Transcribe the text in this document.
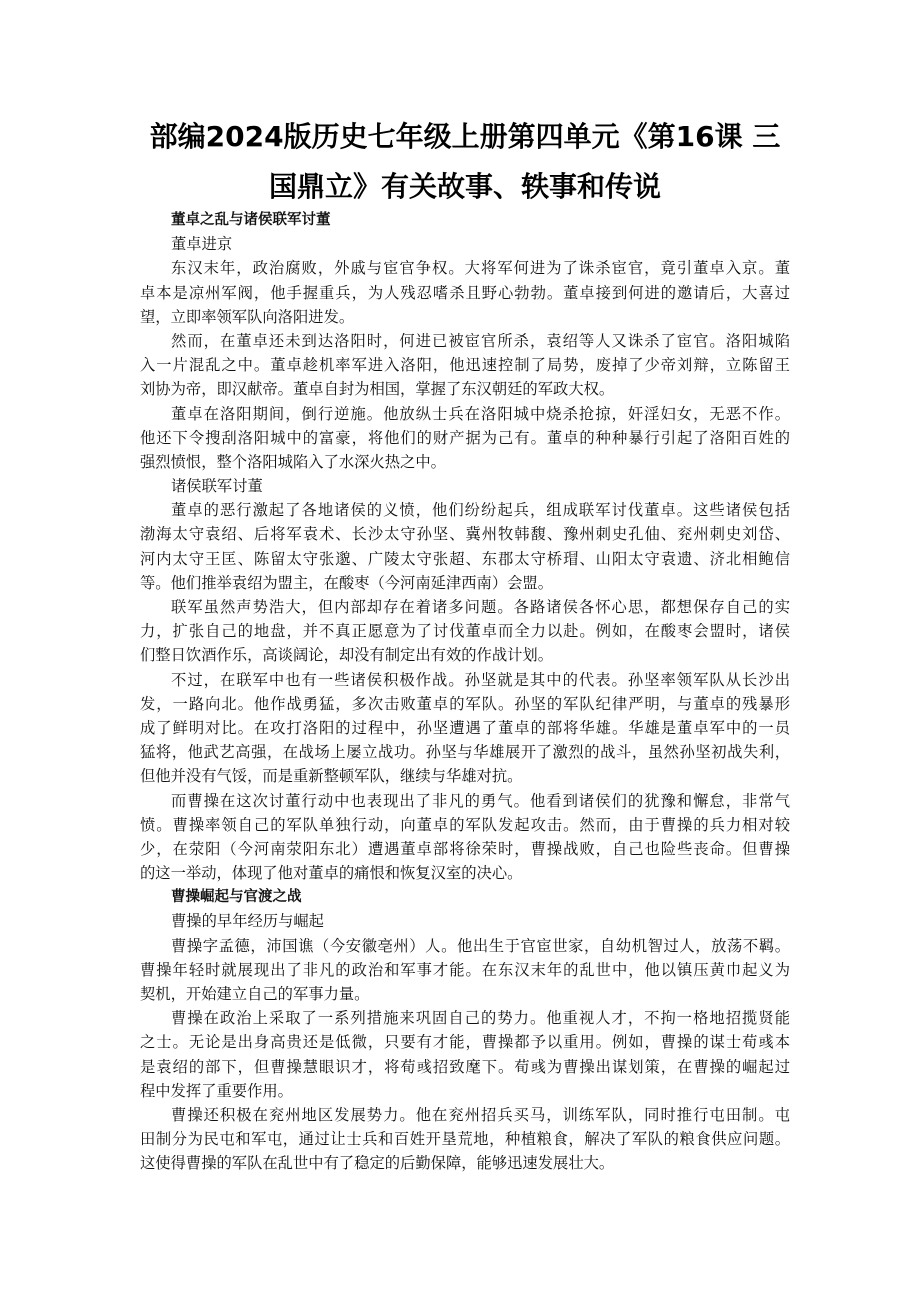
部编2024版历史七年级上册第四单元《第16课 三
国鼎立》有关故事、轶事和传说
董卓之乱与诸侯联军讨董
董卓进京
东汉末年，政治腐败，外戚与宦官争权。大将军何进为了诛杀宦官，竟引董卓入京。董
卓本是凉州军阀，他手握重兵，为人残忍嗜杀且野心勃勃。董卓接到何进的邀请后，大喜过
望，立即率领军队向洛阳进发。
然而，在董卓还未到达洛阳时，何进已被宦官所杀，袁绍等人又诛杀了宦官。洛阳城陷
入一片混乱之中。董卓趁机率军进入洛阳，他迅速控制了局势，废掉了少帝刘辩，立陈留王
刘协为帝，即汉献帝。董卓自封为相国，掌握了东汉朝廷的军政大权。
董卓在洛阳期间，倒行逆施。他放纵士兵在洛阳城中烧杀抢掠，奸淫妇女，无恶不作。
他还下令搜刮洛阳城中的富豪，将他们的财产据为己有。董卓的种种暴行引起了洛阳百姓的
强烈愤恨，整个洛阳城陷入了水深火热之中。
诸侯联军讨董
董卓的恶行激起了各地诸侯的义愤，他们纷纷起兵，组成联军讨伐董卓。这些诸侯包括
渤海太守袁绍、后将军袁术、长沙太守孙坚、冀州牧韩馥、豫州刺史孔伷、兖州刺史刘岱、
河内太守王匡、陈留太守张邈、广陵太守张超、东郡太守桥瑁、山阳太守袁遗、济北相鲍信
等。他们推举袁绍为盟主，在酸枣（今河南延津西南）会盟。
联军虽然声势浩大，但内部却存在着诸多问题。各路诸侯各怀心思，都想保存自己的实
力，扩张自己的地盘，并不真正愿意为了讨伐董卓而全力以赴。例如，在酸枣会盟时，诸侯
们整日饮酒作乐，高谈阔论，却没有制定出有效的作战计划。
不过，在联军中也有一些诸侯积极作战。孙坚就是其中的代表。孙坚率领军队从长沙出
发，一路向北。他作战勇猛，多次击败董卓的军队。孙坚的军队纪律严明，与董卓的残暴形
成了鲜明对比。在攻打洛阳的过程中，孙坚遭遇了董卓的部将华雄。华雄是董卓军中的一员
猛将，他武艺高强，在战场上屡立战功。孙坚与华雄展开了激烈的战斗，虽然孙坚初战失利，
但他并没有气馁，而是重新整顿军队，继续与华雄对抗。
而曹操在这次讨董行动中也表现出了非凡的勇气。他看到诸侯们的犹豫和懈怠，非常气
愤。曹操率领自己的军队单独行动，向董卓的军队发起攻击。然而，由于曹操的兵力相对较
少，在荥阳（今河南荥阳东北）遭遇董卓部将徐荣时，曹操战败，自己也险些丧命。但曹操
的这一举动，体现了他对董卓的痛恨和恢复汉室的决心。
曹操崛起与官渡之战
曹操的早年经历与崛起
曹操字孟德，沛国谯（今安徽亳州）人。他出生于官宦世家，自幼机智过人，放荡不羁。
曹操年轻时就展现出了非凡的政治和军事才能。在东汉末年的乱世中，他以镇压黄巾起义为
契机，开始建立自己的军事力量。
曹操在政治上采取了一系列措施来巩固自己的势力。他重视人才，不拘一格地招揽贤能
之士。无论是出身高贵还是低微，只要有才能，曹操都予以重用。例如，曹操的谋士荀彧本
是袁绍的部下，但曹操慧眼识才，将荀彧招致麾下。荀彧为曹操出谋划策，在曹操的崛起过
程中发挥了重要作用。
曹操还积极在兖州地区发展势力。他在兖州招兵买马，训练军队，同时推行屯田制。屯
田制分为民屯和军屯，通过让士兵和百姓开垦荒地，种植粮食，解决了军队的粮食供应问题。
这使得曹操的军队在乱世中有了稳定的后勤保障，能够迅速发展壮大。
